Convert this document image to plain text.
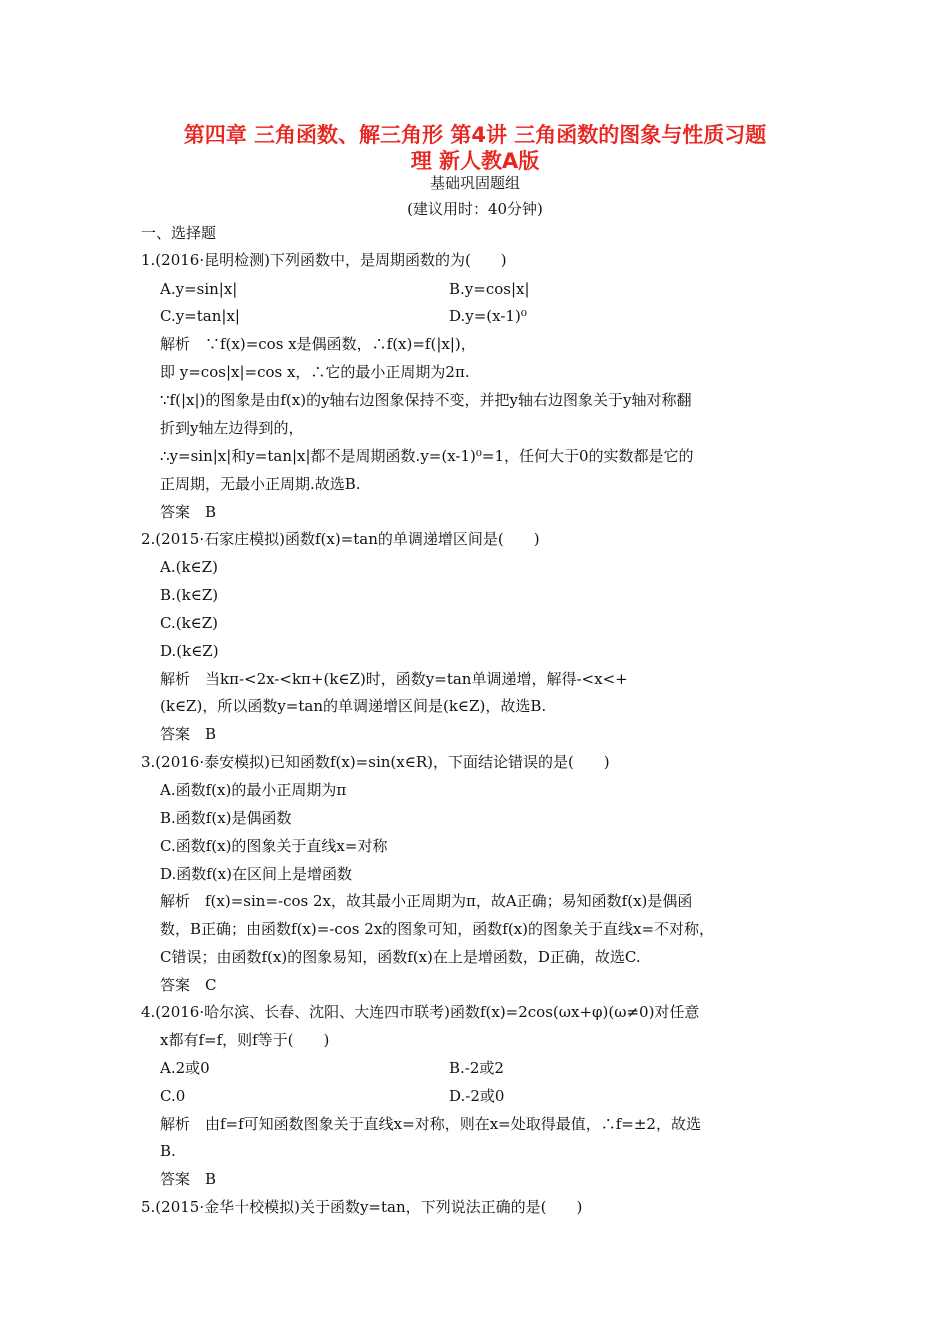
第四章 三角函数、解三角形 第4讲 三角函数的图象与性质习题
理 新人教A版
基础巩固题组
(建议用时：40分钟)
一、选择题
1.(2016·昆明检测)下列函数中，是周期函数的为(　　)
A.y=sin|x|	B.y=cos|x|
C.y=tan|x|	D.y=(x-1)⁰
解析　∵f(x)=cos x是偶函数，∴f(x)=f(|x|)，
即 y=cos|x|=cos x，∴它的最小正周期为2π.
∵f(|x|)的图象是由f(x)的y轴右边图象保持不变，并把y轴右边图象关于y轴对称翻
折到y轴左边得到的，
∴y=sin|x|和y=tan|x|都不是周期函数.y=(x-1)⁰=1，任何大于0的实数都是它的
正周期，无最小正周期.故选B.
答案　B
2.(2015·石家庄模拟)函数f(x)=tan的单调递增区间是(　　)
A.(k∈Z)
B.(k∈Z)
C.(k∈Z)
D.(k∈Z)
解析　当kπ-<2x-<kπ+(k∈Z)时，函数y=tan单调递增，解得-<x<+
(k∈Z)，所以函数y=tan的单调递增区间是(k∈Z)，故选B.
答案　B
3.(2016·泰安模拟)已知函数f(x)=sin(x∈R)，下面结论错误的是(　　)
A.函数f(x)的最小正周期为π
B.函数f(x)是偶函数
C.函数f(x)的图象关于直线x=对称
D.函数f(x)在区间上是增函数
解析　f(x)=sin=-cos 2x，故其最小正周期为π，故A正确；易知函数f(x)是偶函
数，B正确；由函数f(x)=-cos 2x的图象可知，函数f(x)的图象关于直线x=不对称，
C错误；由函数f(x)的图象易知，函数f(x)在上是增函数，D正确，故选C.
答案　C
4.(2016·哈尔滨、长春、沈阳、大连四市联考)函数f(x)=2cos(ωx+φ)(ω≠0)对任意
x都有f=f，则f等于(　　)
A.2或0	B.-2或2
C.0	D.-2或0
解析　由f=f可知函数图象关于直线x=对称，则在x=处取得最值，∴f=±2，故选
B.
答案　B
5.(2015·金华十校模拟)关于函数y=tan，下列说法正确的是(　　)
